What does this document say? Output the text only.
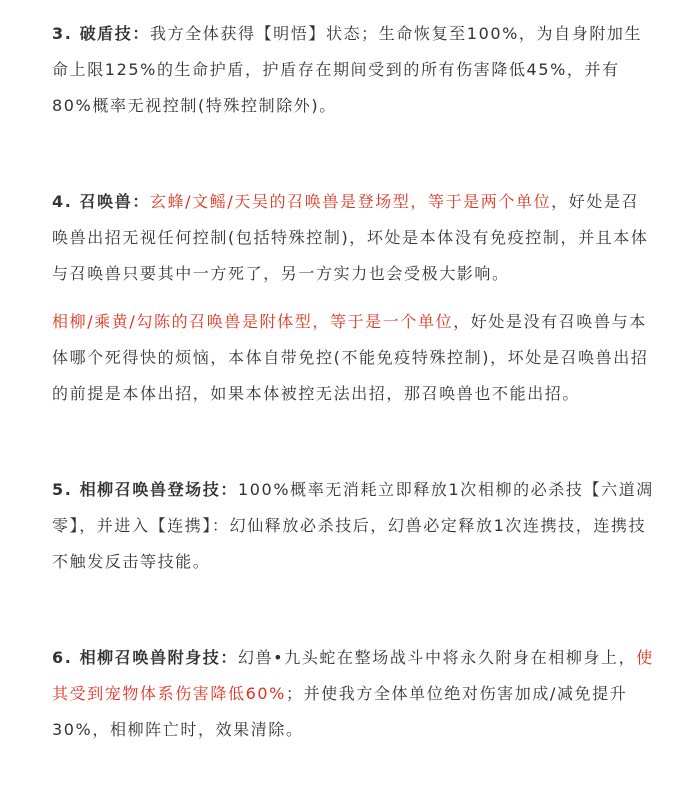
3. 破盾技：我方全体获得【明悟】状态；生命恢复至100%，为自身附加生命上限125%的生命护盾，护盾存在期间受到的所有伤害降低45%，并有80%概率无视控制(特殊控制除外)。

4. 召唤兽：玄蜂/文鳐/天吴的召唤兽是登场型，等于是两个单位，好处是召唤兽出招无视任何控制(包括特殊控制)，坏处是本体没有免疫控制，并且本体与召唤兽只要其中一方死了，另一方实力也会受极大影响。

相柳/乘黄/勾陈的召唤兽是附体型，等于是一个单位，好处是没有召唤兽与本体哪个死得快的烦恼，本体自带免控(不能免疫特殊控制)，坏处是召唤兽出招的前提是本体出招，如果本体被控无法出招，那召唤兽也不能出招。

5. 相柳召唤兽登场技：100%概率无消耗立即释放1次相柳的必杀技【六道凋零】，并进入【连携】：幻仙释放必杀技后，幻兽必定释放1次连携技，连携技不触发反击等技能。

6. 相柳召唤兽附身技：幻兽•九头蛇在整场战斗中将永久附身在相柳身上，使其受到宠物体系伤害降低60%；并使我方全体单位绝对伤害加成/减免提升30%，相柳阵亡时，效果清除。
